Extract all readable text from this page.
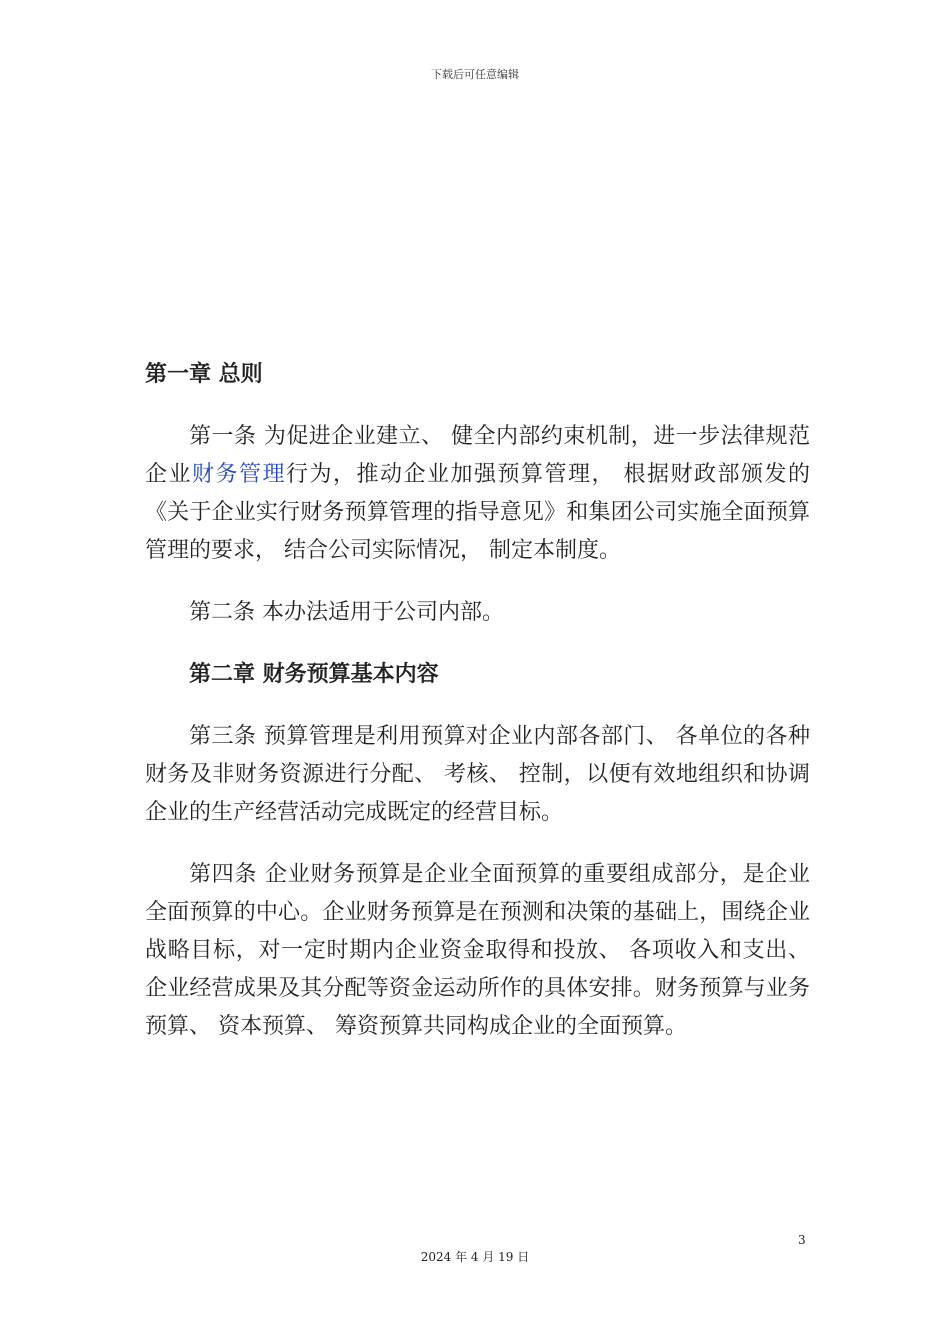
下载后可任意编辑
第一章 总则

第一条 为促进企业建立、 健全内部约束机制，进一步法律规范企业财务管理行为，推动企业加强预算管理， 根据财政部颁发的《关于企业实行财务预算管理的指导意见》和集团公司实施全面预算管理的要求， 结合公司实际情况， 制定本制度。

第二条 本办法适用于公司内部。

第二章 财务预算基本内容

第三条 预算管理是利用预算对企业内部各部门、 各单位的各种财务及非财务资源进行分配、 考核、 控制，以便有效地组织和协调企业的生产经营活动完成既定的经营目标。

第四条 企业财务预算是企业全面预算的重要组成部分，是企业全面预算的中心。企业财务预算是在预测和决策的基础上，围绕企业战略目标，对一定时期内企业资金取得和投放、 各项收入和支出、 企业经营成果及其分配等资金运动所作的具体安排。财务预算与业务预算、 资本预算、 筹资预算共同构成企业的全面预算。

3
2024 年 4 月 19 日
